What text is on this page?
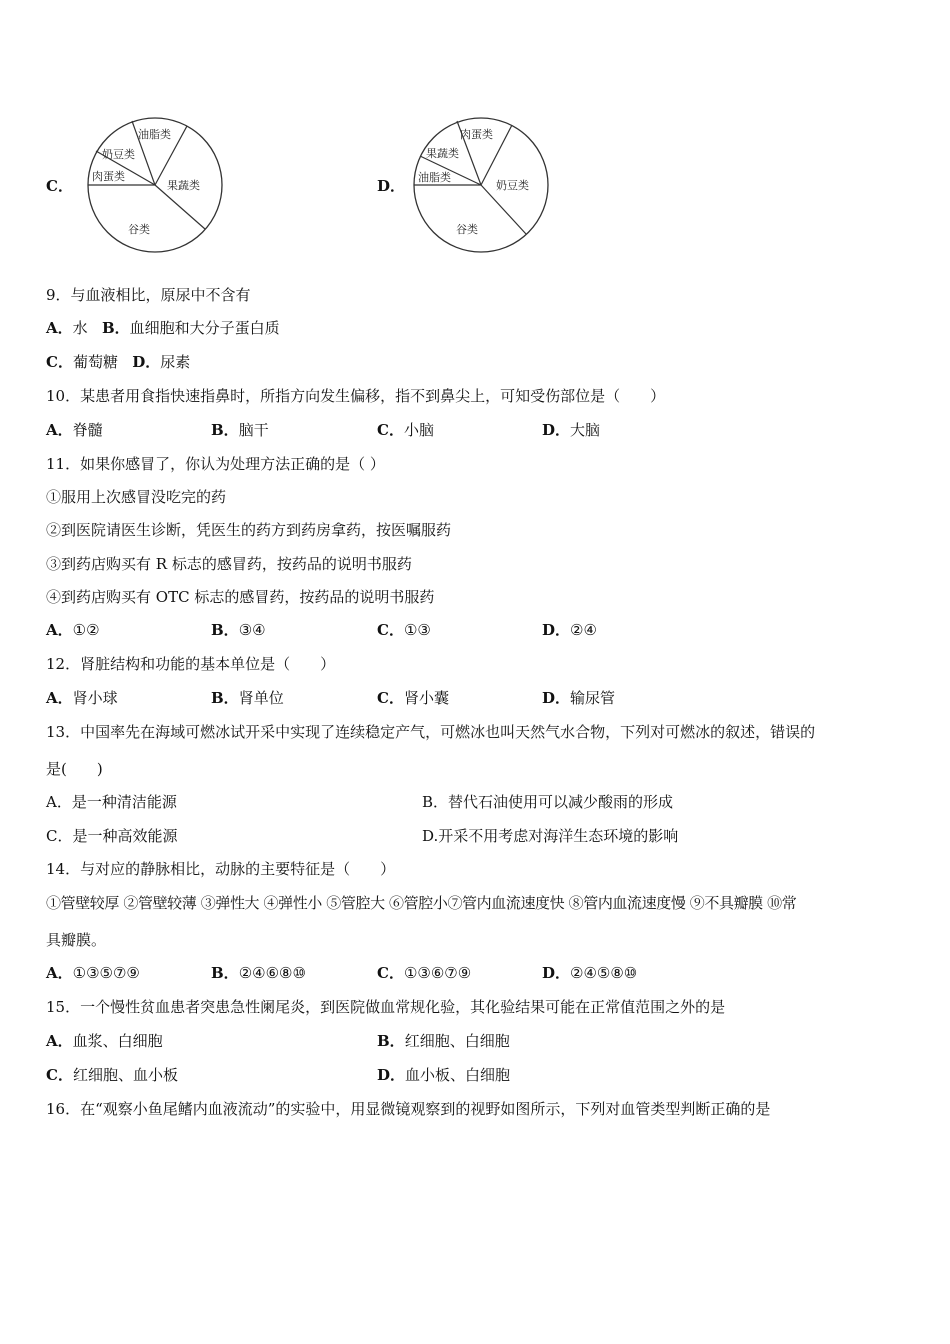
C．
油脂类
奶豆类
肉蛋类
果蔬类
谷类
D．
肉蛋类
果蔬类
油脂类
奶豆类
谷类
9．与血液相比，原尿中不含有
A．水 B．血细胞和大分子蛋白质
C．葡萄糖 D．尿素
10．某患者用食指快速指鼻时，所指方向发生偏移，指不到鼻尖上，可知受伤部位是（　　）
A．脊髓	B．脑干	C．小脑	D．大脑
11．如果你感冒了，你认为处理方法正确的是（ ）
①服用上次感冒没吃完的药
②到医院请医生诊断，凭医生的药方到药房拿药，按医嘱服药
③到药店购买有 R 标志的感冒药，按药品的说明书服药
④到药店购买有 OTC 标志的感冒药，按药品的说明书服药
A．①②	B．③④	C．①③	D．②④
12．肾脏结构和功能的基本单位是（　　）
A．肾小球	B．肾单位	C．肾小囊	D．输尿管
13．中国率先在海域可燃冰试开采中实现了连续稳定产气，可燃冰也叫天然气水合物，下列对可燃冰的叙述，错误的
是(　　)
A．是一种清洁能源	B．替代石油使用可以减少酸雨的形成
C．是一种高效能源	D.开采不用考虑对海洋生态环境的影响
14．与对应的静脉相比，动脉的主要特征是（　　）
①管壁较厚 ②管壁较薄 ③弹性大 ④弹性小 ⑤管腔大 ⑥管腔小⑦管内血流速度快 ⑧管内血流速度慢 ⑨不具瓣膜 ⑩常
具瓣膜。
A．①③⑤⑦⑨	B．②④⑥⑧⑩	C．①③⑥⑦⑨	D．②④⑤⑧⑩
15．一个慢性贫血患者突患急性阑尾炎，到医院做血常规化验，其化验结果可能在正常值范围之外的是
A．血浆、白细胞	B．红细胞、白细胞
C．红细胞、血小板	D．血小板、白细胞
16．在“观察小鱼尾鳍内血液流动”的实验中，用显微镜观察到的视野如图所示，下列对血管类型判断正确的是
